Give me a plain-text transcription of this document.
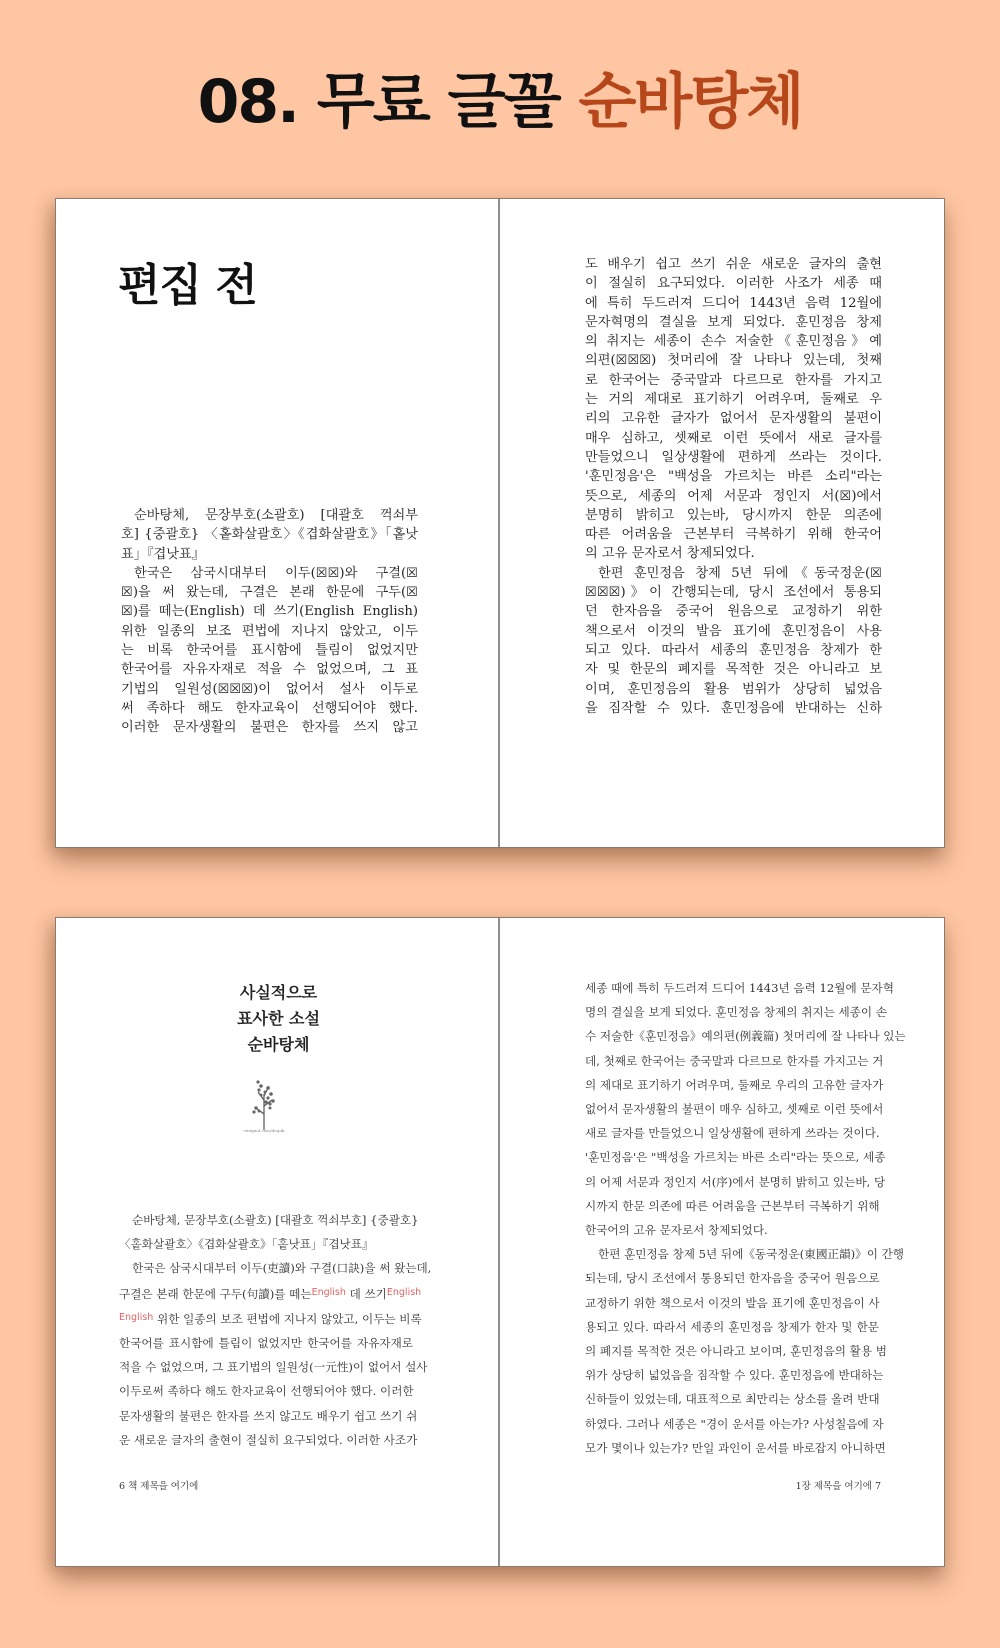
08. 무료 글꼴 순바탕체
편집 전
순바탕체, 문장부호(소괄호) [대괄호 꺽쇠부
호] {중괄호} 〈홑화살괄호〉《겹화살괄호》「홑낫
표」『겹낫표』
한국은 삼국시대부터 이두(☒☒)와 구결(☒
☒)을 써 왔는데, 구결은 본래 한문에 구두(☒
☒)를 떼는(English) 데 쓰기(English English)
위한 일종의 보조 편법에 지나지 않았고, 이두
는 비록 한국어를 표시함에 틀림이 없었지만
한국어를 자유자재로 적을 수 없었으며, 그 표
기법의 일원성(☒☒☒)이 없어서 설사 이두로
써 족하다 해도 한자교육이 선행되어야 했다.
이러한 문자생활의 불편은 한자를 쓰지 않고
도 배우기 쉽고 쓰기 쉬운 새로운 글자의 출현
이 절실히 요구되었다. 이러한 사조가 세종 때
에 특히 두드러져 드디어 1443년 음력 12월에
문자혁명의 결실을 보게 되었다. 훈민정음 창제
의 취지는 세종이 손수 저술한《훈민정음》예
의편(☒☒☒) 첫머리에 잘 나타나 있는데, 첫째
로 한국어는 중국말과 다르므로 한자를 가지고
는 거의 제대로 표기하기 어려우며, 둘째로 우
리의 고유한 글자가 없어서 문자생활의 불편이
매우 심하고, 셋째로 이런 뜻에서 새로 글자를
만들었으니 일상생활에 편하게 쓰라는 것이다.
'훈민정음'은 "백성을 가르치는 바른 소리"라는
뜻으로, 세종의 어제 서문과 정인지 서(☒)에서
분명히 밝히고 있는바, 당시까지 한문 의존에
따른 어려움을 근본부터 극복하기 위해 한국어
의 고유 문자로서 창제되었다.
한편 훈민정음 창제 5년 뒤에《동국정운(☒
☒☒☒)》이 간행되는데, 당시 조선에서 통용되
던 한자음을 중국어 원음으로 교정하기 위한
책으로서 이것의 발음 표기에 훈민정음이 사용
되고 있다. 따라서 세종의 훈민정음 창제가 한
자 및 한문의 폐지를 목적한 것은 아니라고 보
이며, 훈민정음의 활용 범위가 상당히 넓었음
을 짐작할 수 있다. 훈민정음에 반대하는 신하
사실적으로
표사한 소설
순바탕체
vintpmd.com/thupik
순바탕체, 문장부호(소괄호) [대괄호 꺽쇠부호] {중괄호}
〈홑화살괄호〉《겹화살괄호》「홑낫표」『겹낫표』
한국은 삼국시대부터 이두(吏讀)와 구결(口訣)을 써 왔는데,
구결은 본래 한문에 구두(句讀)를 떼는$^{English}$ 데 쓰기$^{English}$
$^{English}$ 위한 일종의 보조 편법에 지나지 않았고, 이두는 비록
한국어를 표시함에 틀림이 없었지만 한국어를 자유자재로
적을 수 없었으며, 그 표기법의 일원성(一元性)이 없어서 설사
이두로써 족하다 해도 한자교육이 선행되어야 했다. 이러한
문자생활의 불편은 한자를 쓰지 않고도 배우기 쉽고 쓰기 쉬
운 새로운 글자의 출현이 절실히 요구되었다. 이러한 사조가
6 책 제목을 여기에
세종 때에 특히 두드러져 드디어 1443년 음력 12월에 문자혁
명의 결실을 보게 되었다. 훈민정음 창제의 취지는 세종이 손
수 저술한《훈민정음》예의편(例義篇) 첫머리에 잘 나타나 있는
데, 첫째로 한국어는 중국말과 다르므로 한자를 가지고는 거
의 제대로 표기하기 어려우며, 둘째로 우리의 고유한 글자가
없어서 문자생활의 불편이 매우 심하고, 셋째로 이런 뜻에서
새로 글자를 만들었으니 일상생활에 편하게 쓰라는 것이다.
'훈민정음'은 "백성을 가르치는 바른 소리"라는 뜻으로, 세종
의 어제 서문과 정인지 서(序)에서 분명히 밝히고 있는바, 당
시까지 한문 의존에 따른 어려움을 근본부터 극복하기 위해
한국어의 고유 문자로서 창제되었다.
한편 훈민정음 창제 5년 뒤에《동국정운(東國正韻)》이 간행
되는데, 당시 조선에서 통용되던 한자음을 중국어 원음으로
교정하기 위한 책으로서 이것의 발음 표기에 훈민정음이 사
용되고 있다. 따라서 세종의 훈민정음 창제가 한자 및 한문
의 폐지를 목적한 것은 아니라고 보이며, 훈민정음의 활용 범
위가 상당히 넓었음을 짐작할 수 있다. 훈민정음에 반대하는
신하들이 있었는데, 대표적으로 최만리는 상소를 올려 반대
하였다. 그러나 세종은 "경이 운서를 아는가? 사성칠음에 자
모가 몇이나 있는가? 만일 과인이 운서를 바로잡지 아니하면
1장 제목을 여기에 7
